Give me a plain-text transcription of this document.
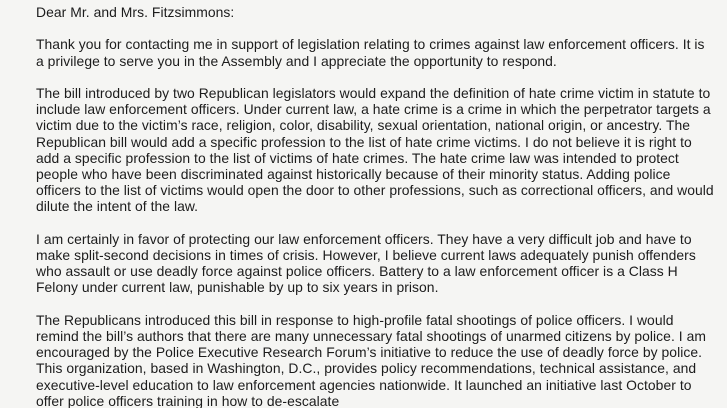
Dear Mr. and Mrs. Fitzsimmons:

Thank you for contacting me in support of legislation relating to crimes against law enforcement officers. It is a privilege to serve you in the Assembly and I appreciate the opportunity to respond.

The bill introduced by two Republican legislators would expand the definition of hate crime victim in statute to include law enforcement officers. Under current law, a hate crime is a crime in which the perpetrator targets a victim due to the victim’s race, religion, color, disability, sexual orientation, national origin, or ancestry. The Republican bill would add a specific profession to the list of hate crime victims. I do not believe it is right to add a specific profession to the list of victims of hate crimes. The hate crime law was intended to protect people who have been discriminated against historically because of their minority status. Adding police officers to the list of victims would open the door to other professions, such as correctional officers, and would dilute the intent of the law.

I am certainly in favor of protecting our law enforcement officers. They have a very difficult job and have to make split-second decisions in times of crisis. However, I believe current laws adequately punish offenders who assault or use deadly force against police officers. Battery to a law enforcement officer is a Class H Felony under current law, punishable by up to six years in prison.

The Republicans introduced this bill in response to high-profile fatal shootings of police officers. I would remind the bill’s authors that there are many unnecessary fatal shootings of unarmed citizens by police. I am encouraged by the Police Executive Research Forum’s initiative to reduce the use of deadly force by police. This organization, based in Washington, D.C., provides policy recommendations, technical assistance, and executive-level education to law enforcement agencies nationwide. It launched an initiative last October to offer police officers training in how to de-escalate
